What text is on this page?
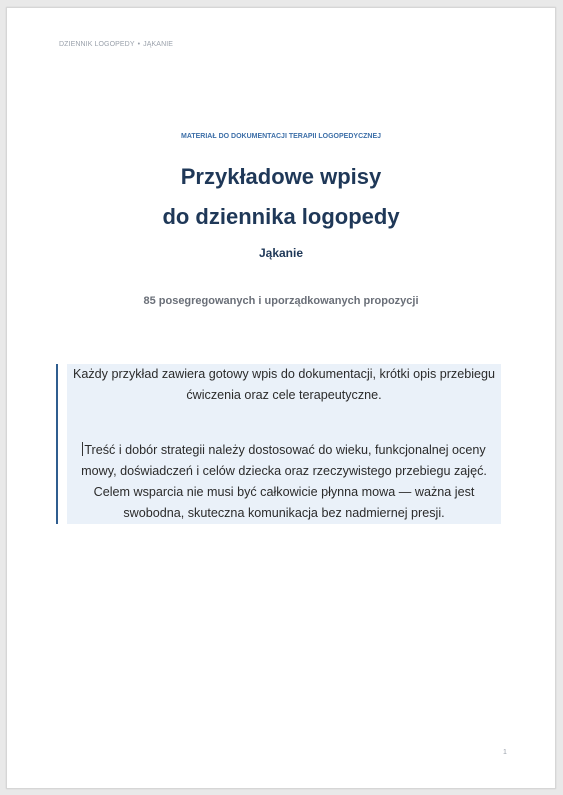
DZIENNIK LOGOPEDY • JĄKANIE
MATERIAŁ DO DOKUMENTACJI TERAPII LOGOPEDYCZNEJ
Przykładowe wpisy
do dziennika logopedy
Jąkanie
85 posegregowanych i uporządkowanych propozycji
Każdy przykład zawiera gotowy wpis do dokumentacji, krótki opis przebiegu ćwiczenia oraz cele terapeutyczne.
Treść i dobór strategii należy dostosować do wieku, funkcjonalnej oceny mowy, doświadczeń i celów dziecka oraz rzeczywistego przebiegu zajęć. Celem wsparcia nie musi być całkowicie płynna mowa — ważna jest swobodna, skuteczna komunikacja bez nadmiernej presji.
1
